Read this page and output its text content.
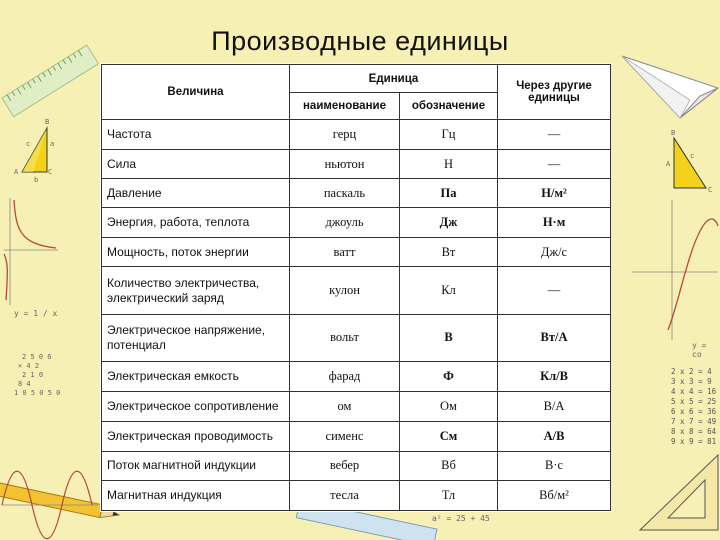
y = 1 / x
y = co
2 5 0 6
× 4 2
2 1 0
8 4
1 0 5 0 5 0
B
c	a
A	C
b
B
c
A
C
2 x 2 = 4
3 x 3 = 9
4 x 4 = 16
5 x 5 = 25
6 x 6 = 36
7 x 7 = 49
8 x 8 = 64
9 x 9 = 81
a² = 25 + 45
Производные единицы
Величина	Единица		Через другие единицы
	наименование	обозначение	
Частота	герц	Гц	—
Сила	ньютон	Н	—
Давление	паскаль	Па	Н/м²
Энергия, работа, теплота	джоуль	Дж	Н·м
Мощность, поток энергии	ватт	Вт	Дж/с
Количество электричества, электрический заряд	кулон	Кл	—
Электрическое напряжение, потенциал	вольт	В	Вт/А
Электрическая емкость	фарад	Ф	Кл/В
Электрическое сопротивление	ом	Ом	В/А
Электрическая проводимость	сименс	См	А/В
Поток магнитной индукции	вебер	Вб	В·с
Магнитная индукция	тесла	Тл	Вб/м²
